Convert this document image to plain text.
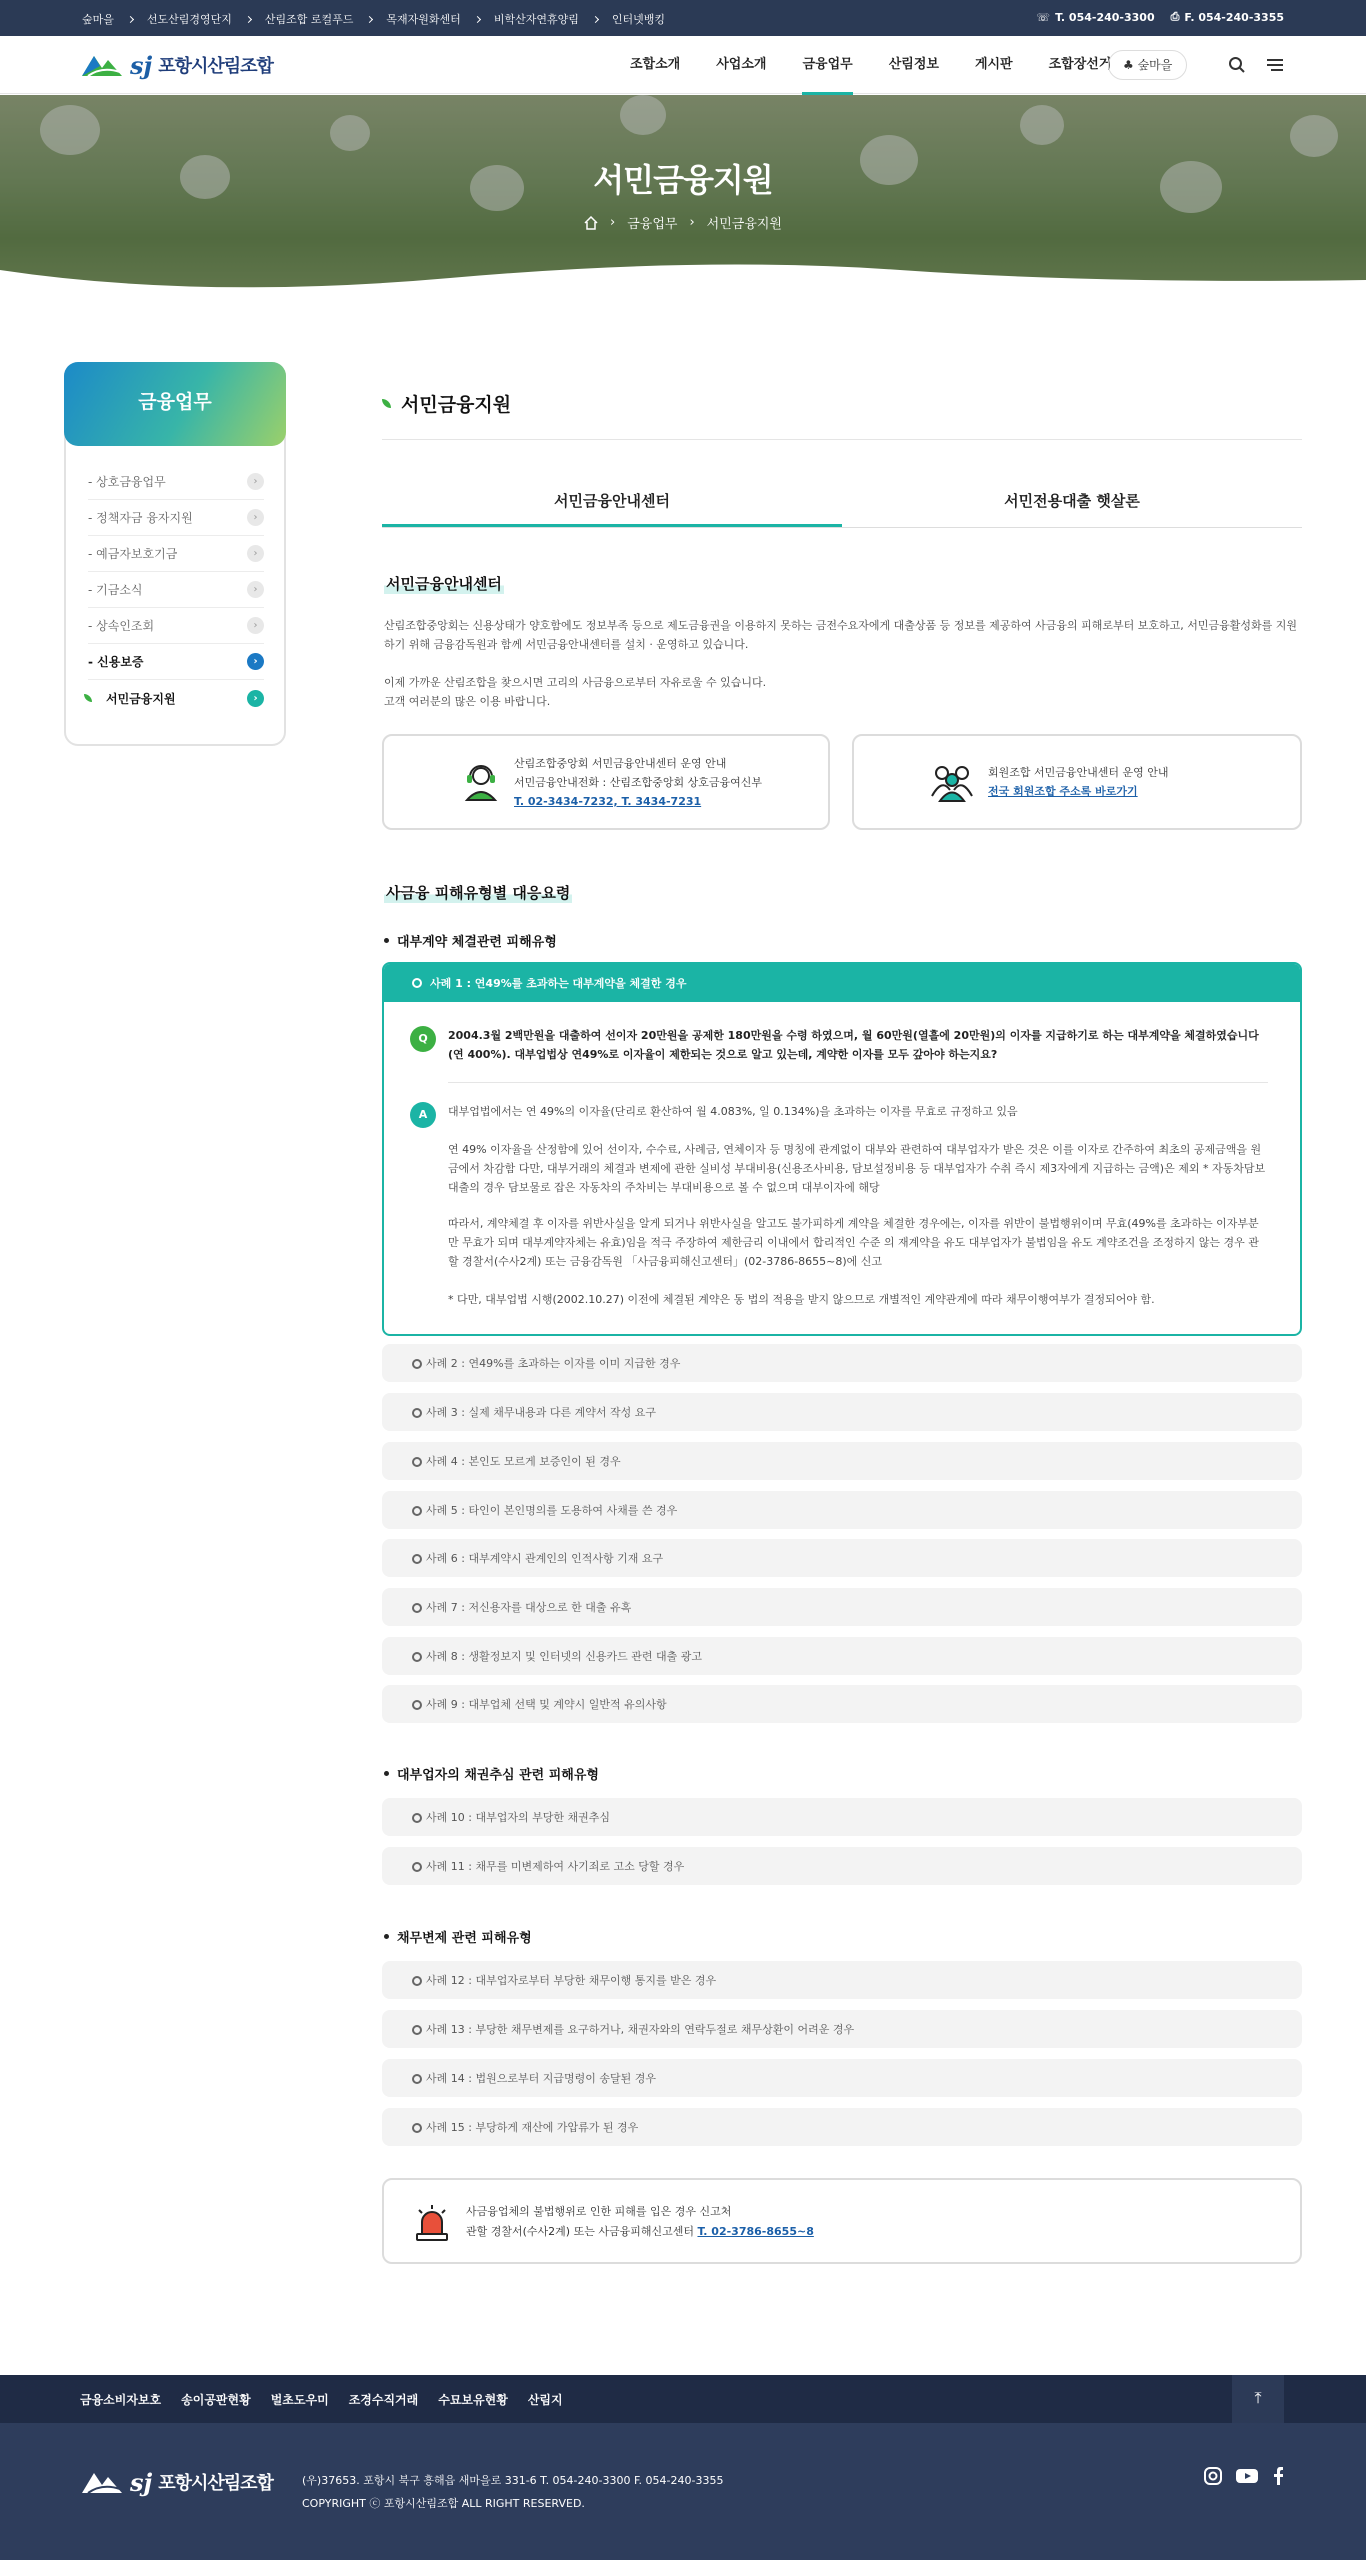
숲마을	선도산림경영단지	산림조합 로컬푸드	목재자원화센터	비학산자연휴양림	인터넷뱅킹	☏ T. 054-240-3300 ⎙ F. 054-240-3355
sj 포항시산림조합	조합소개	사업소개	금융업무	산림정보	게시판	조합장선거 ♣ 숲마을
서민금융지원
› 금융업무 › 서민금융지원
금융업무
- 상호금융업무	›
- 정책자금 융자지원	›
- 예금자보호기금	›
- 기금소식	›
- 상속인조회	›
- 신용보증	›
서민금융지원	›
서민금융지원
서민금융안내센터	서민전용대출 햇살론
서민금융안내센터
산림조합중앙회는 신용상태가 양호함에도 정보부족 등으로 제도금융권을 이용하지 못하는 금전수요자에게 대출상품 등 정보를 제공하여 사금융의 피해로부터 보호하고, 서민금융활성화를 지원하기 위해 금융감독원과 함께 서민금융안내센터를 설치 · 운영하고 있습니다.
이제 가까운 산림조합을 찾으시면 고리의 사금융으로부터 자유로울 수 있습니다.
고객 여러분의 많은 이용 바랍니다.
산림조합중앙회 서민금융안내센터 운영 안내
서민금융안내전화 : 산림조합중앙회 상호금융여신부
T. 02-3434-7232, T. 3434-7231
회원조합 서민금융안내센터 운영 안내
전국 회원조합 주소록 바로가기
사금융 피해유형별 대응요령
대부계약 체결관련 피해유형
사례 1 : 연49%를 초과하는 대부계약을 체결한 경우
Q	2004.3월 2백만원을 대출하여 선이자 20만원을 공제한 180만원을 수령 하였으며, 월 60만원(열흘에 20만원)의 이자를 지급하기로 하는 대부계약을 체결하였습니다(연 400%). 대부업법상 연49%로 이자율이 제한되는 것으로 알고 있는데, 계약한 이자를 모두 갚아야 하는지요?
A	대부업법에서는 연 49%의 이자율(단리로 환산하여 월 4.083%, 일 0.134%)을 초과하는 이자를 무효로 규정하고 있음
연 49% 이자율을 산정함에 있어 선이자, 수수료, 사례금, 연체이자 등 명칭에 관계없이 대부와 관련하여 대부업자가 받은 것은 이를 이자로 간주하여 최초의 공제금액을 원금에서 차감함 다만, 대부거래의 체결과 변제에 관한 실비성 부대비용(신용조사비용, 담보설정비용 등 대부업자가 수취 즉시 제3자에게 지급하는 금액)은 제외 * 자동차담보대출의 경우 담보물로 잡은 자동차의 주차비는 부대비용으로 볼 수 없으며 대부이자에 해당
따라서, 계약체결 후 이자를 위반사실을 알게 되거나 위반사실을 알고도 불가피하게 계약을 체결한 경우에는, 이자를 위반이 불법행위이며 무효(49%를 초과하는 이자부분만 무효가 되며 대부계약자체는 유효)임을 적극 주장하여 제한금리 이내에서 합리적인 수준 의 재계약을 유도 대부업자가 불법임을 유도 계약조건을 조정하지 않는 경우 관할 경찰서(수사2계) 또는 금융감독원 「사금융피해신고센터」(02-3786-8655~8)에 신고
* 다만, 대부업법 시행(2002.10.27) 이전에 체결된 계약은 동 법의 적용을 받지 않으므로 개별적인 계약관계에 따라 채무이행여부가 결정되어야 함.
사례 2 : 연49%를 초과하는 이자를 이미 지급한 경우
사례 3 : 실제 채무내용과 다른 계약서 작성 요구
사례 4 : 본인도 모르게 보증인이 된 경우
사례 5 : 타인이 본인명의를 도용하여 사채를 쓴 경우
사례 6 : 대부계약시 관계인의 인적사항 기재 요구
사례 7 : 저신용자를 대상으로 한 대출 유혹
사례 8 : 생활정보지 및 인터넷의 신용카드 관련 대출 광고
사례 9 : 대부업체 선택 및 계약시 일반적 유의사항
대부업자의 채권추심 관련 피해유형
사례 10 : 대부업자의 부당한 채권추심
사례 11 : 채무를 미변제하여 사기죄로 고소 당할 경우
채무변제 관련 피해유형
사례 12 : 대부업자로부터 부당한 채무이행 통지를 받은 경우
사례 13 : 부당한 채무변제를 요구하거나, 채권자와의 연락두절로 채무상환이 어려운 경우
사례 14 : 법원으로부터 지급명령이 송달된 경우
사례 15 : 부당하게 재산에 가압류가 된 경우
사금융업체의 불법행위로 인한 피해를 입은 경우 신고처
관할 경찰서(수사2계) 또는 사금융피해신고센터 T. 02-3786-8655~8
금융소비자보호 송이공판현황 벌초도우미 조경수직거래 수묘보유현황 산림지	⤒
sj 포항시산림조합	(우)37653. 포항시 북구 흥해읍 새마을로 331-6 T. 054-240-3300 F. 054-240-3355
COPYRIGHT ⓒ 포항시산림조합 ALL RIGHT RESERVED.
